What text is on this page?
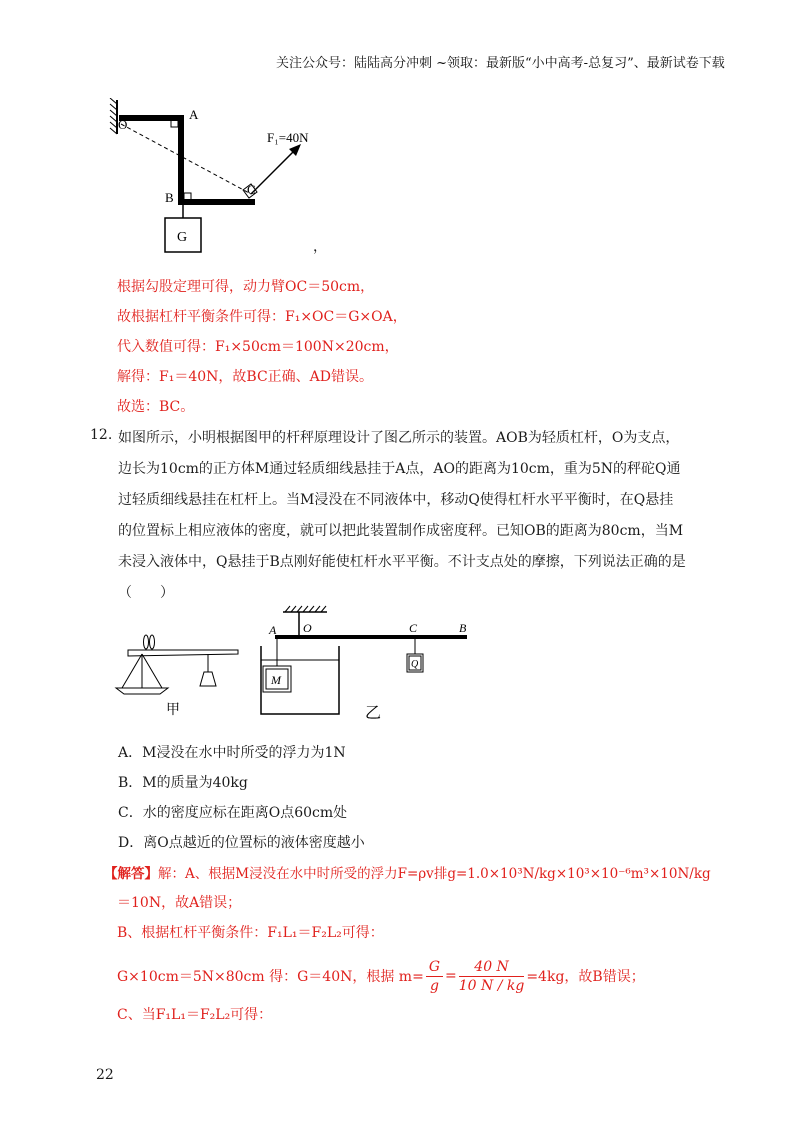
关注公众号：陆陆高分冲刺 ~领取：最新版“小中高考-总复习”、最新试卷下载
O
A
B
C
G
F₁=40N
，
根据勾股定理可得，动力臂OC＝50cm，
故根据杠杆平衡条件可得：F₁×OC＝G×OA，
代入数值可得：F₁×50cm＝100N×20cm，
解得：F₁＝40N，故BC正确、AD错误。
故选：BC。
12. 如图所示，小明根据图甲的杆秤原理设计了图乙所示的装置。AOB为轻质杠杆，O为支点，
边长为10cm的正方体M通过轻质细线悬挂于A点，AO的距离为10cm，重为5N的秤砣Q通
过轻质细线悬挂在杠杆上。当M浸没在不同液体中，移动Q使得杠杆水平平衡时，在Q悬挂
的位置标上相应液体的密度，就可以把此装置制作成密度秤。已知OB的距离为80cm，当M
未浸入液体中，Q悬挂于B点刚好能使杠杆水平平衡。不计支点处的摩擦，下列说法正确的是
（　　）
甲
A O	C	B
M
Q
乙
A．M浸没在水中时所受的浮力为1N
B．M的质量为40kg
C．水的密度应标在距离O点60cm处
D．离O点越近的位置标的液体密度越小
【解答】解：A、根据M浸没在水中时所受的浮力F=ρv排g=1.0×10³N/kg×10³×10⁻⁶m³×10N/kg
＝10N，故A错误；
B、根据杠杆平衡条件：F₁L₁＝F₂L₂可得：
G×10cm＝5N×80cm 得：G＝40N，根据 $m= \frac{G}{g} = \frac{40 N}{10 N / kg} =4kg$，故B错误；
C、当F₁L₁＝F₂L₂可得：
22
